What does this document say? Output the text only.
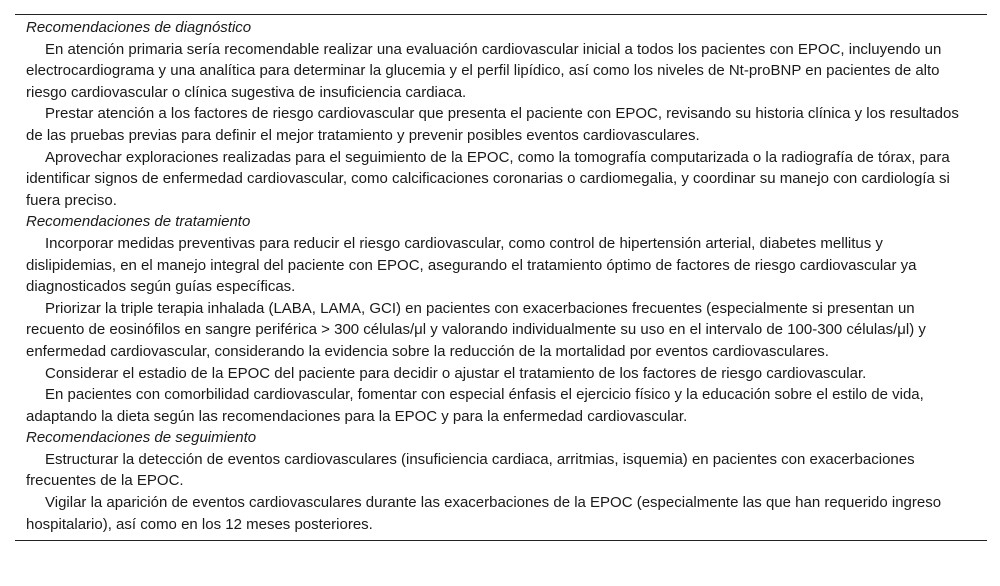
Recomendaciones de diagnóstico
En atención primaria sería recomendable realizar una evaluación cardiovascular inicial a todos los pacientes con EPOC, incluyendo un electrocardiograma y una analítica para determinar la glucemia y el perfil lipídico, así como los niveles de Nt-proBNP en pacientes de alto riesgo cardiovascular o clínica sugestiva de insuficiencia cardiaca.
Prestar atención a los factores de riesgo cardiovascular que presenta el paciente con EPOC, revisando su historia clínica y los resultados de las pruebas previas para definir el mejor tratamiento y prevenir posibles eventos cardiovasculares.
Aprovechar exploraciones realizadas para el seguimiento de la EPOC, como la tomografía computarizada o la radiografía de tórax, para identificar signos de enfermedad cardiovascular, como calcificaciones coronarias o cardiomegalia, y coordinar su manejo con cardiología si fuera preciso.
Recomendaciones de tratamiento
Incorporar medidas preventivas para reducir el riesgo cardiovascular, como control de hipertensión arterial, diabetes mellitus y dislipidemias, en el manejo integral del paciente con EPOC, asegurando el tratamiento óptimo de factores de riesgo cardiovascular ya diagnosticados según guías específicas.
Priorizar la triple terapia inhalada (LABA, LAMA, GCI) en pacientes con exacerbaciones frecuentes (especialmente si presentan un recuento de eosinófilos en sangre periférica > 300 células/μl y valorando individualmente su uso en el intervalo de 100-300 células/μl) y enfermedad cardiovascular, considerando la evidencia sobre la reducción de la mortalidad por eventos cardiovasculares.
Considerar el estadio de la EPOC del paciente para decidir o ajustar el tratamiento de los factores de riesgo cardiovascular.
En pacientes con comorbilidad cardiovascular, fomentar con especial énfasis el ejercicio físico y la educación sobre el estilo de vida, adaptando la dieta según las recomendaciones para la EPOC y para la enfermedad cardiovascular.
Recomendaciones de seguimiento
Estructurar la detección de eventos cardiovasculares (insuficiencia cardiaca, arritmias, isquemia) en pacientes con exacerbaciones frecuentes de la EPOC.
Vigilar la aparición de eventos cardiovasculares durante las exacerbaciones de la EPOC (especialmente las que han requerido ingreso hospitalario), así como en los 12 meses posteriores.
